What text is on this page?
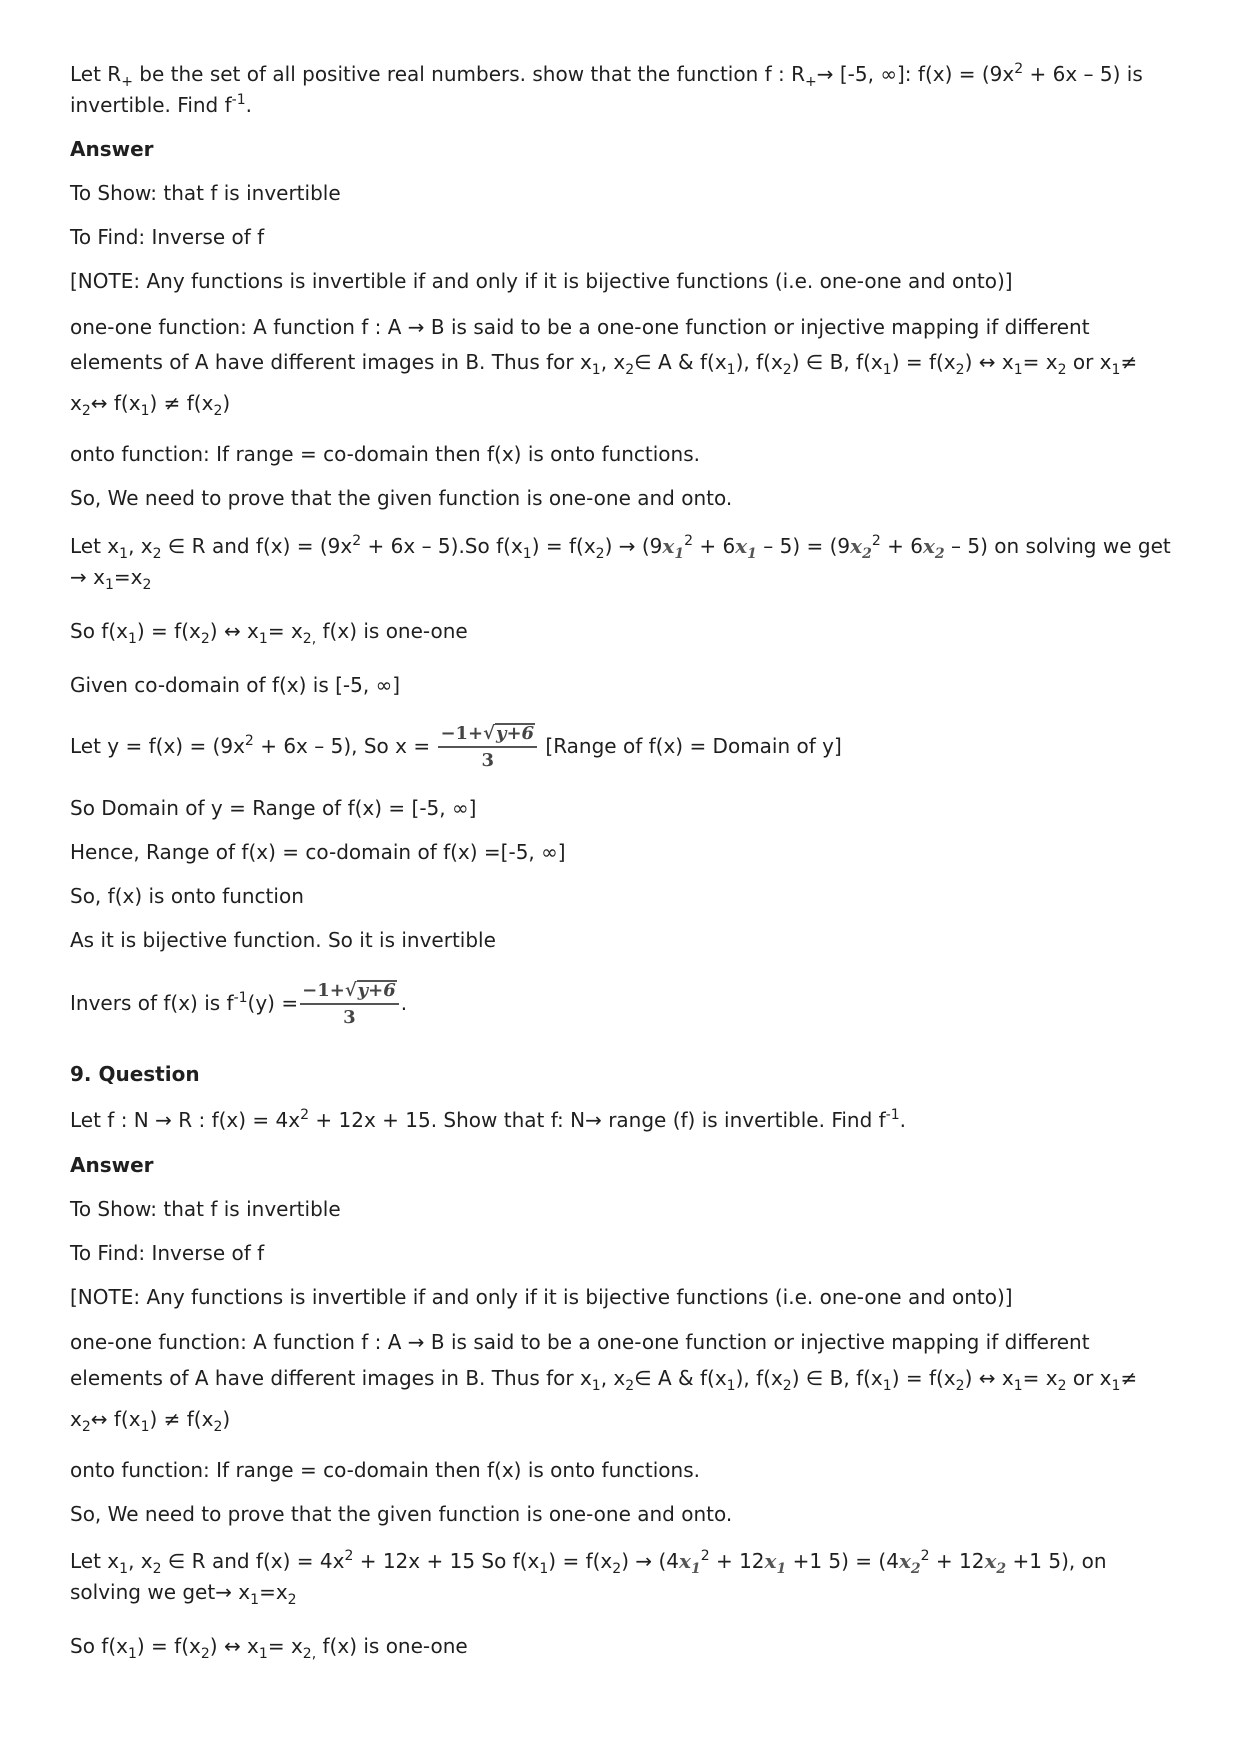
Let $R_+$ be the set of all positive real numbers. show that the function f : $R_+\to [-5$, ∞]: $f(x) = (9x^2 + 6x - 5)$ is
invertible. Find $f^{-1}$.
Answer
To Show: that f is invertible
To Find: Inverse of f
[NOTE: Any functions is invertible if and only if it is bijective functions (i.e. one-one and onto)]
one-one function: A function f : A → B is said to be a one-one function or injective mapping if different
elements of A have different images in B. Thus for $x_1$, $x_2\in$ A & $f(x_1)$, $f(x_2)$ ∈ B, $f(x_1) = f(x_2)$ ↔ $x_1= x_2$ or $x_1\ne$
$x_2\leftrightarrow$ $f(x_1) \ne f(x_2)$
onto function: If range = co-domain then f(x) is onto functions.
So, We need to prove that the given function is one-one and onto.
Let $x_1$, $x_2$ ∈ R and $f(x) = (9x^2 + 6x - 5).So$ $f(x_1) = f(x_2) \to (9x_1^2 + 6x_1 - 5) = (9x_2^2 + 6x_2 - 5)$ on solving we get
→ $x_1=x_2$
So $f(x_1) = f(x_2)$ ↔ $x_1= x_{2,}$ f(x) is one-one
Given co-domain of f(x) is [-5, ∞]
Let $y = f(x) = (9x^2 + 6x - 5)$, So $x = \frac{-1+√y+6}{3}$ [Range of f(x) = Domain of y]
So Domain of y = Range of f(x) = [-5, ∞]
Hence, Range of f(x) = co-domain of f(x) =[-5, ∞]
So, f(x) is onto function
As it is bijective function. So it is invertible
Invers of f(x) is $f^{-1}(y) = \frac{-1+√y+6}{3}$ .
9. Question
Let f : N → R : $f(x) = 4x^2 + 12x + 15$. Show that f: N→ range (f) is invertible. Find $f^{-1}$.
Answer
To Show: that f is invertible
To Find: Inverse of f
[NOTE: Any functions is invertible if and only if it is bijective functions (i.e. one-one and onto)]
one-one function: A function f : A → B is said to be a one-one function or injective mapping if different
elements of A have different images in B. Thus for $x_1$, $x_2\in$ A & $f(x_1)$, $f(x_2)$ ∈ B, $f(x_1) = f(x_2)$ ↔ $x_1= x_2$ or $x_1\ne$
$x_2\leftrightarrow$ $f(x_1) \ne f(x_2)$
onto function: If range = co-domain then f(x) is onto functions.
So, We need to prove that the given function is one-one and onto.
Let $x_1$, $x_2$ ∈ R and $f(x) = 4x^2 + 12x + 15$ So $f(x_1) = f(x_2) \to (4x_1^2 + 12x_1 +1$ $5) = (4x_2^2 + 12x_2 +1$ 5), on
solving we $get\to x_1=x_2$
So $f(x_1) = f(x_2)$ ↔ $x_1= x_{2,}$ f(x) is one-one
